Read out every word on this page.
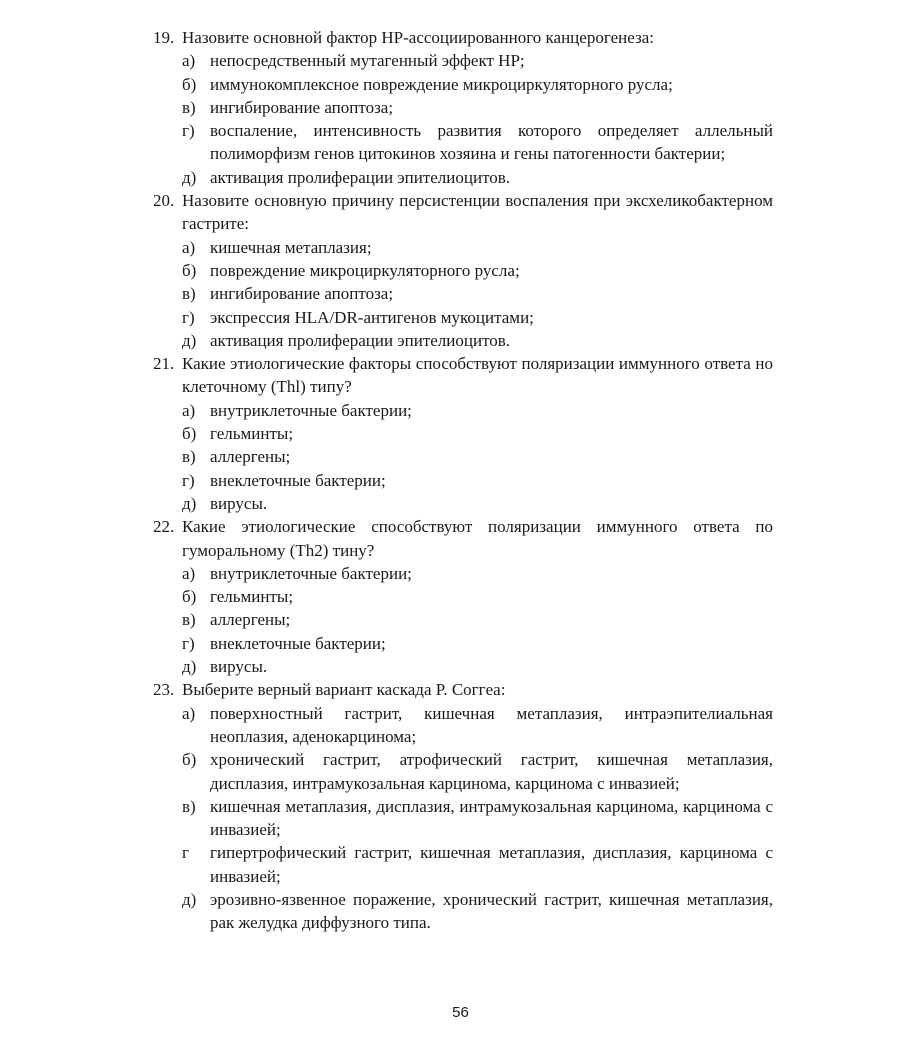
19. Назовите основной фактор HP-ассоциированного канцерогенеза:
а) непосредственный мутагенный эффект HP;
б) иммунокомплексное повреждение микроциркуляторного русла;
в) ингибирование апоптоза;
г) воспаление, интенсивность развития которого определяет аллельный полиморфизм генов цитокинов хозяина и гены патогенности бактерии;
д) активация пролиферации эпителиоцитов.
20. Назовите основную причину персистенции воспаления при эксхеликобактерном гастрите:
а) кишечная метаплазия;
б) повреждение микроциркуляторного русла;
в) ингибирование апоптоза;
г) экспрессия HLA/DR-антигенов мукоцитами;
д) активация пролиферации эпителиоцитов.
21. Какие этиологические факторы способствуют поляризации иммунного ответа но клеточному (Thl) типу?
а) внутриклеточные бактерии;
б) гельминты;
в) аллергены;
г) внеклеточные бактерии;
д) вирусы.
22. Какие этиологические способствуют поляризации иммунного ответа по гуморальному (Th2) тину?
а) внутриклеточные бактерии;
б) гельминты;
в) аллергены;
г) внеклеточные бактерии;
д) вирусы.
23. Выберите верный вариант каскада P. Coггea:
а) поверхностный гастрит, кишечная метаплазия, интраэпителиальная неоплазия, аденокарцинома;
б) хронический гастрит, атрофический гастрит, кишечная метаплазия, дисплазия, интрамукозальная карцинома, карцинома с инвазией;
в) кишечная метаплазия, дисплазия, интрамукозальная карцинома, карцинома с инвазией;
г гипертрофический гастрит, кишечная метаплазия, дисплазия, карцинома с инвазией;
д) эрозивно-язвенное поражение, хронический гастрит, кишечная метаплазия, рак желудка диффузного типа.
56
